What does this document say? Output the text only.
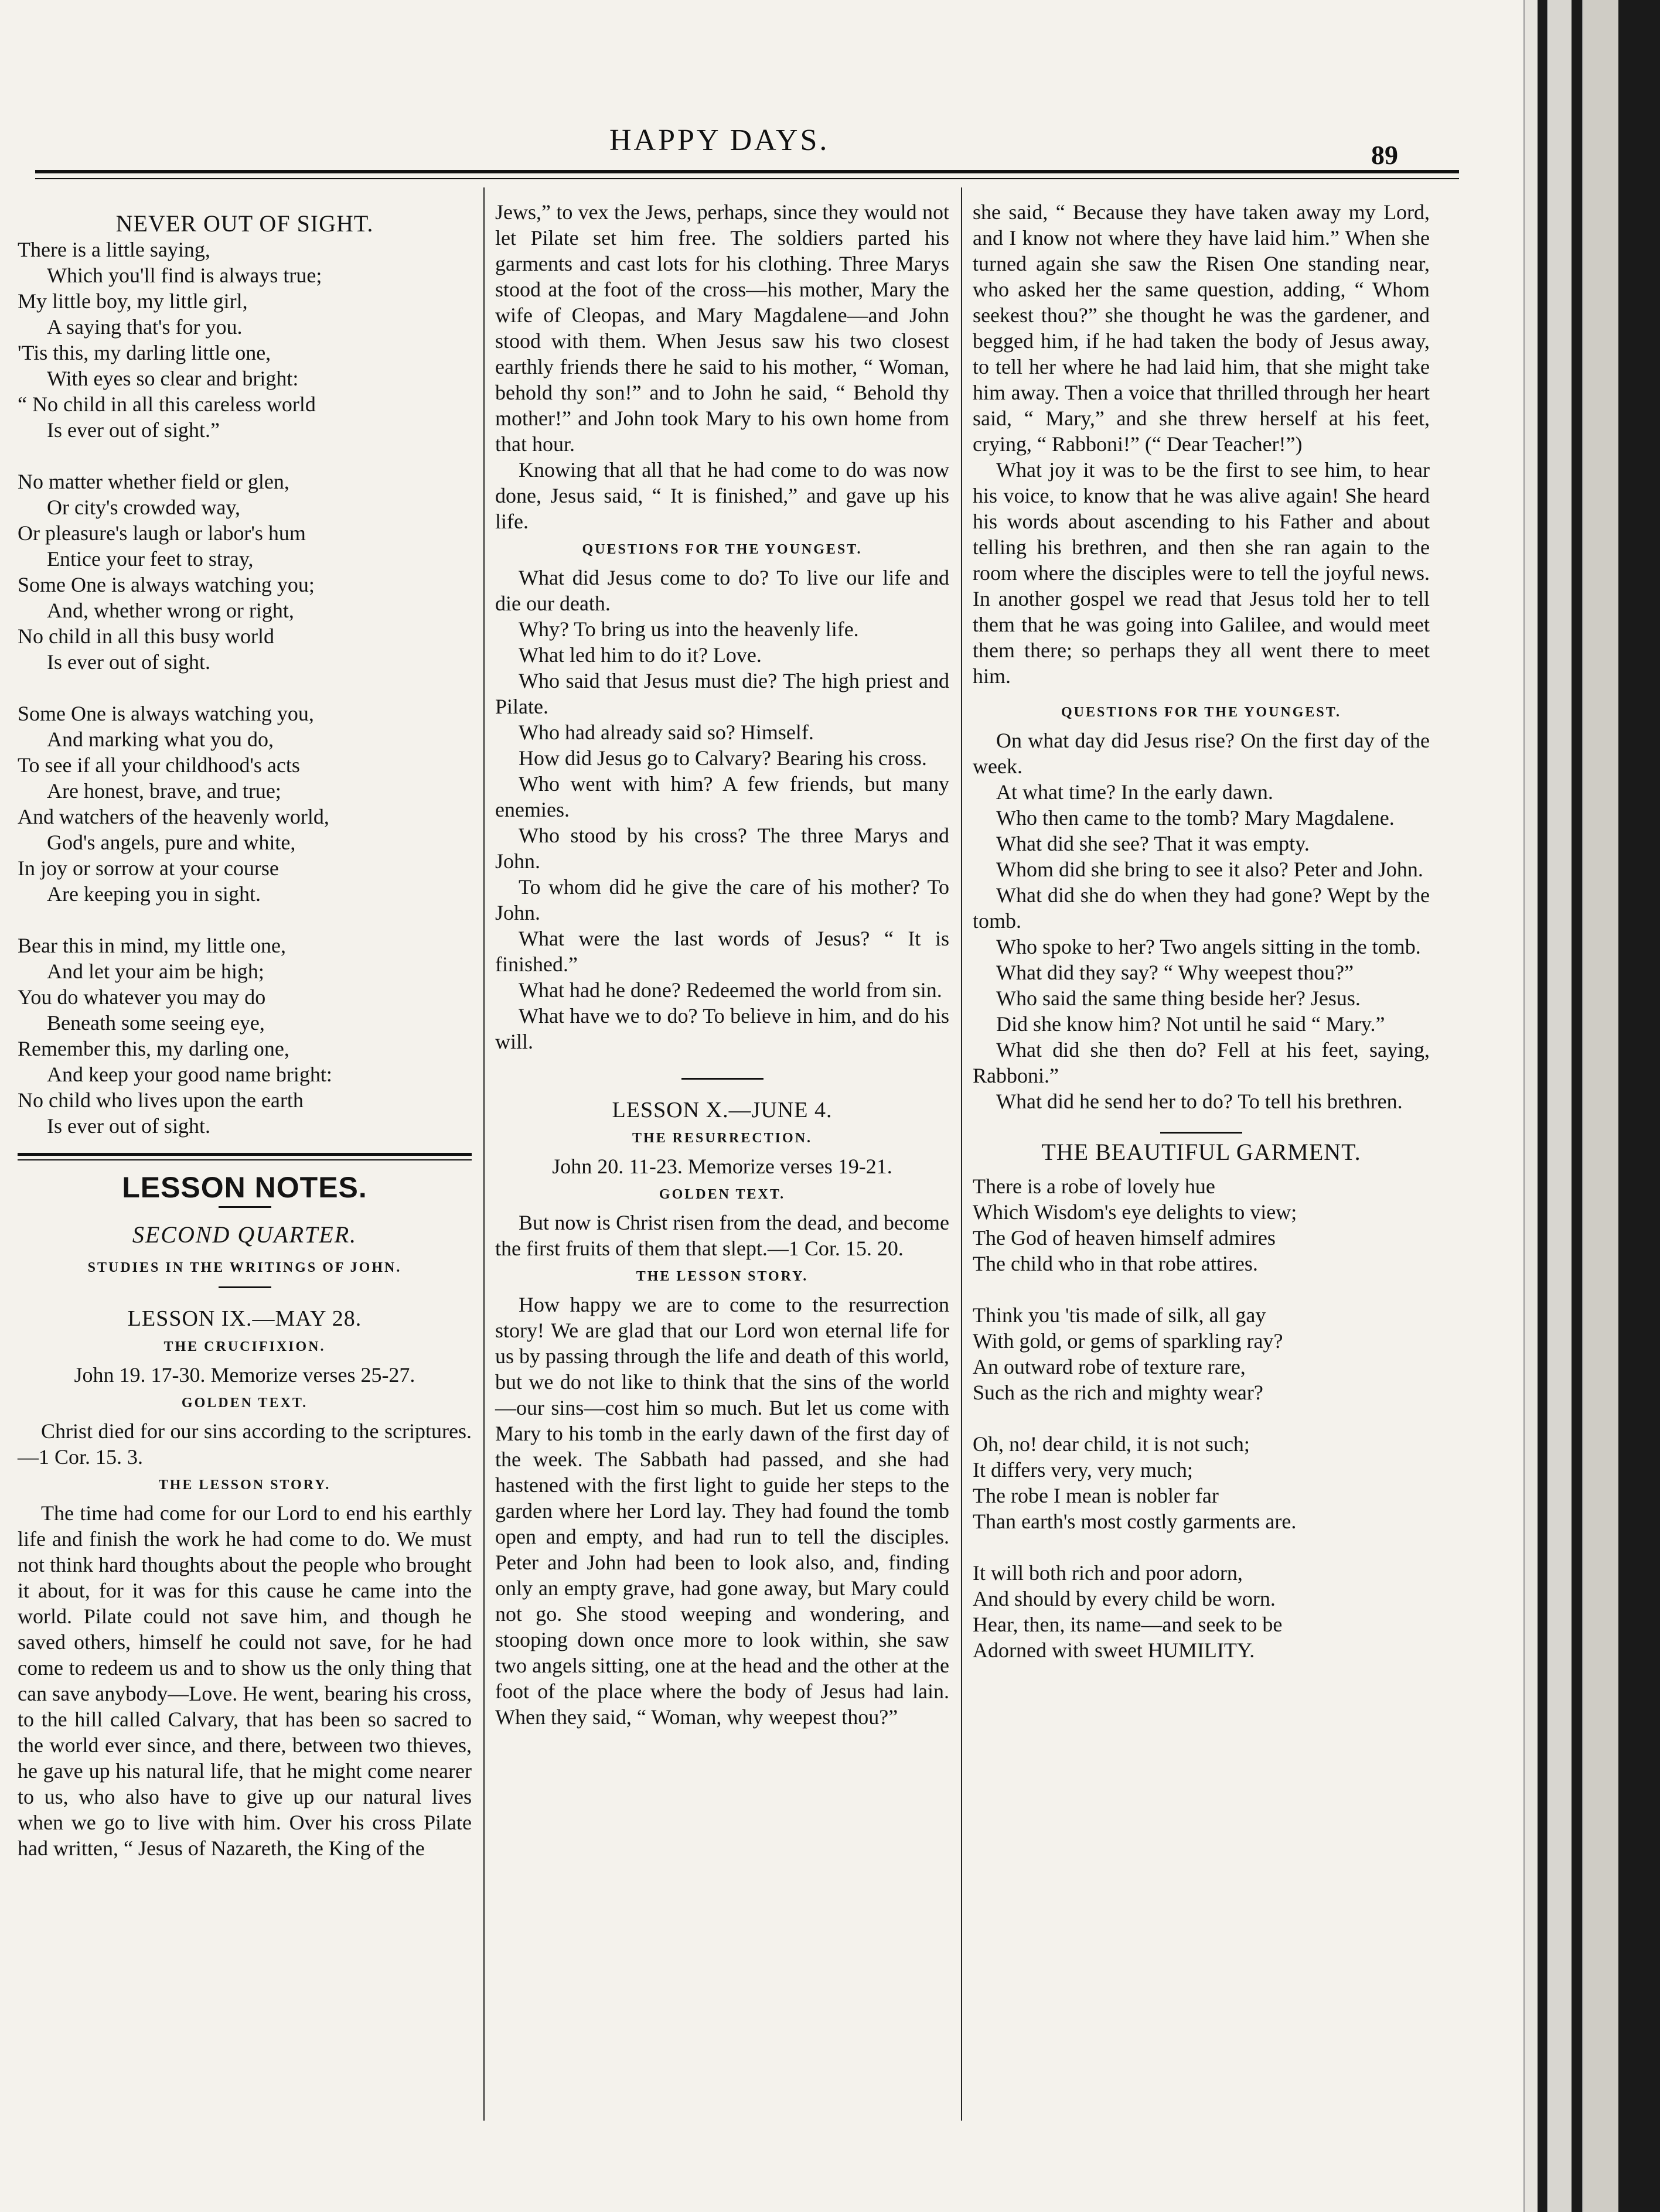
HAPPY DAYS.	89
NEVER OUT OF SIGHT.
There is a little saying,
Which you'll find is always true;
My little boy, my little girl,
A saying that's for you.
'Tis this, my darling little one,
With eyes so clear and bright:
“ No child in all this careless world
Is ever out of sight.”
No matter whether field or glen,
Or city's crowded way,
Or pleasure's laugh or labor's hum
Entice your feet to stray,
Some One is always watching you;
And, whether wrong or right,
No child in all this busy world
Is ever out of sight.
Some One is always watching you,
And marking what you do,
To see if all your childhood's acts
Are honest, brave, and true;
And watchers of the heavenly world,
God's angels, pure and white,
In joy or sorrow at your course
Are keeping you in sight.
Bear this in mind, my little one,
And let your aim be high;
You do whatever you may do
Beneath some seeing eye,
Remember this, my darling one,
And keep your good name bright:
No child who lives upon the earth
Is ever out of sight.
LESSON NOTES.
SECOND QUARTER.
STUDIES IN THE WRITINGS OF JOHN.
LESSON IX.—MAY 28.
THE CRUCIFIXION.
John 19. 17-30. Memorize verses 25-27.
GOLDEN TEXT.

Christ died for our sins according to the scriptures.—1 Cor. 15. 3.

THE LESSON STORY.

The time had come for our Lord to end his earthly life and finish the work he had come to do. We must not think hard thoughts about the people who brought it about, for it was for this cause he came into the world. Pilate could not save him, and though he saved others, himself he could not save, for he had come to redeem us and to show us the only thing that can save anybody—Love. He went, bearing his cross, to the hill called Calvary, that has been so sacred to the world ever since, and there, between two thieves, he gave up his natural life, that he might come nearer to us, who also have to give up our natural lives when we go to live with him. Over his cross Pilate had written, “ Jesus of Nazareth, the King of the

Jews,” to vex the Jews, perhaps, since they would not let Pilate set him free. The soldiers parted his garments and cast lots for his clothing. Three Marys stood at the foot of the cross—his mother, Mary the wife of Cleopas, and Mary Magdalene—and John stood with them. When Jesus saw his two closest earthly friends there he said to his mother, “ Woman, behold thy son!” and to John he said, “ Behold thy mother!” and John took Mary to his own home from that hour.

Knowing that all that he had come to do was now done, Jesus said, “ It is finished,” and gave up his life.

QUESTIONS FOR THE YOUNGEST.

What did Jesus come to do? To live our life and die our death.

Why? To bring us into the heavenly life.

What led him to do it? Love.

Who said that Jesus must die? The high priest and Pilate.

Who had already said so? Himself.

How did Jesus go to Calvary? Bearing his cross.

Who went with him? A few friends, but many enemies.

Who stood by his cross? The three Marys and John.

To whom did he give the care of his mother? To John.

What were the last words of Jesus? “ It is finished.”

What had he done? Redeemed the world from sin.

What have we to do? To believe in him, and do his will.

LESSON X.—JUNE 4.
THE RESURRECTION.
John 20. 11-23. Memorize verses 19-21.
GOLDEN TEXT.

But now is Christ risen from the dead, and become the first fruits of them that slept.—1 Cor. 15. 20.

THE LESSON STORY.

How happy we are to come to the resurrection story! We are glad that our Lord won eternal life for us by passing through the life and death of this world, but we do not like to think that the sins of the world—our sins—cost him so much. But let us come with Mary to his tomb in the early dawn of the first day of the week. The Sabbath had passed, and she had hastened with the first light to guide her steps to the garden where her Lord lay. They had found the tomb open and empty, and had run to tell the disciples. Peter and John had been to look also, and, finding only an empty grave, had gone away, but Mary could not go. She stood weeping and wondering, and stooping down once more to look within, she saw two angels sitting, one at the head and the other at the foot of the place where the body of Jesus had lain. When they said, “ Woman, why weepest thou?”

she said, “ Because they have taken away my Lord, and I know not where they have laid him.” When she turned again she saw the Risen One standing near, who asked her the same question, adding, “ Whom seekest thou?” she thought he was the gardener, and begged him, if he had taken the body of Jesus away, to tell her where he had laid him, that she might take him away. Then a voice that thrilled through her heart said, “ Mary,” and she threw herself at his feet, crying, “ Rabboni!” (“ Dear Teacher!”)

What joy it was to be the first to see him, to hear his voice, to know that he was alive again! She heard his words about ascending to his Father and about telling his brethren, and then she ran again to the room where the disciples were to tell the joyful news. In another gospel we read that Jesus told her to tell them that he was going into Galilee, and would meet them there; so perhaps they all went there to meet him.

QUESTIONS FOR THE YOUNGEST.

On what day did Jesus rise? On the first day of the week.

At what time? In the early dawn.

Who then came to the tomb? Mary Magdalene.

What did she see? That it was empty.

Whom did she bring to see it also? Peter and John.

What did she do when they had gone? Wept by the tomb.

Who spoke to her? Two angels sitting in the tomb.

What did they say? “ Why weepest thou?”

Who said the same thing beside her? Jesus.

Did she know him? Not until he said “ Mary.”

What did she then do? Fell at his feet, saying, Rabboni.”

What did he send her to do? To tell his brethren.

THE BEAUTIFUL GARMENT.
There is a robe of lovely hue
Which Wisdom's eye delights to view;
The God of heaven himself admires
The child who in that robe attires.
Think you 'tis made of silk, all gay
With gold, or gems of sparkling ray?
An outward robe of texture rare,
Such as the rich and mighty wear?
Oh, no! dear child, it is not such;
It differs very, very much;
The robe I mean is nobler far
Than earth's most costly garments are.
It will both rich and poor adorn,
And should by every child be worn.
Hear, then, its name—and seek to be
Adorned with sweet HUMILITY.
